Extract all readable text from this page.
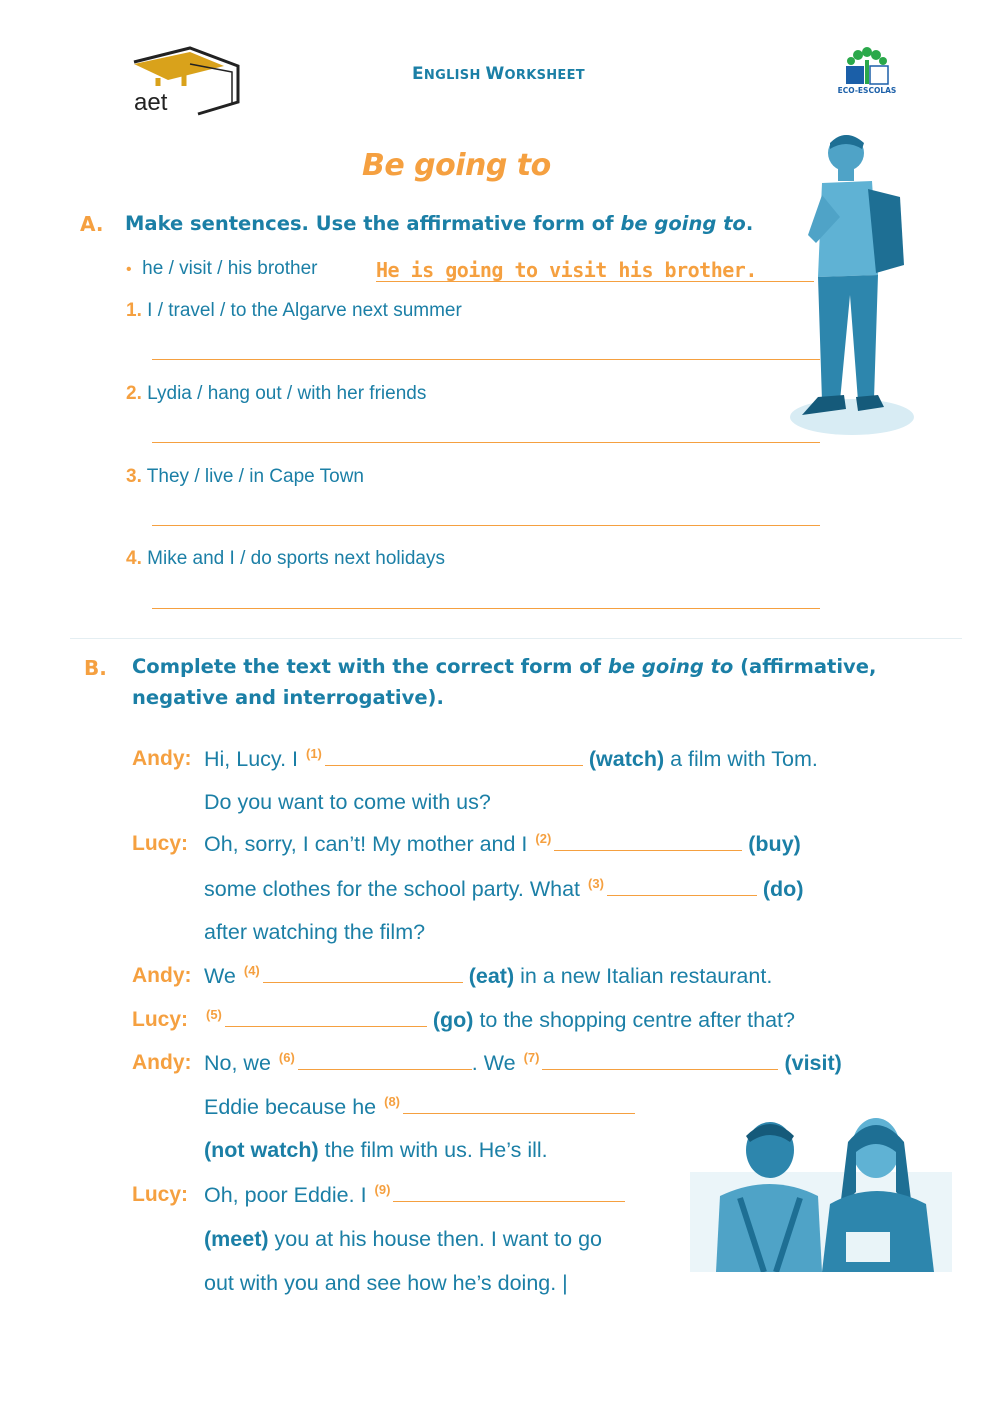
aet
ENGLISH WORKSHEET
ECO-ESCOLAS
Be going to
A. Make sentences. Use the affirmative form of be going to.
• he / visit / his brother	He is going to visit his brother.
1. I / travel / to the Algarve next summer
2. Lydia / hang out / with her friends
3. They / live / in Cape Town
4. Mike and I / do sports next holidays
B. Complete the text with the correct form of be going to (affirmative,
negative and interrogative).
Andy: Hi, Lucy. I $^{(1)}$	(watch) a film with Tom.
Do you want to come with us?
Lucy: Oh, sorry, I can’t! My mother and I $^{(2)}$	(buy)
some clothes for the school party. What $^{(3)}$	(do)
after watching the film?
Andy: We $^{(4)}$	(eat) in a new Italian restaurant.
Lucy: $^{(5)}$	(go) to the shopping centre after that?
Andy: No, we $^{(6)}$	. We $^{(7)}$	(visit)
Eddie because he $^{(8)}$
(not watch) the film with us. He’s ill.
Lucy: Oh, poor Eddie. I $^{(9)}$
(meet) you at his house then. I want to go
out with you and see how he’s doing. |
